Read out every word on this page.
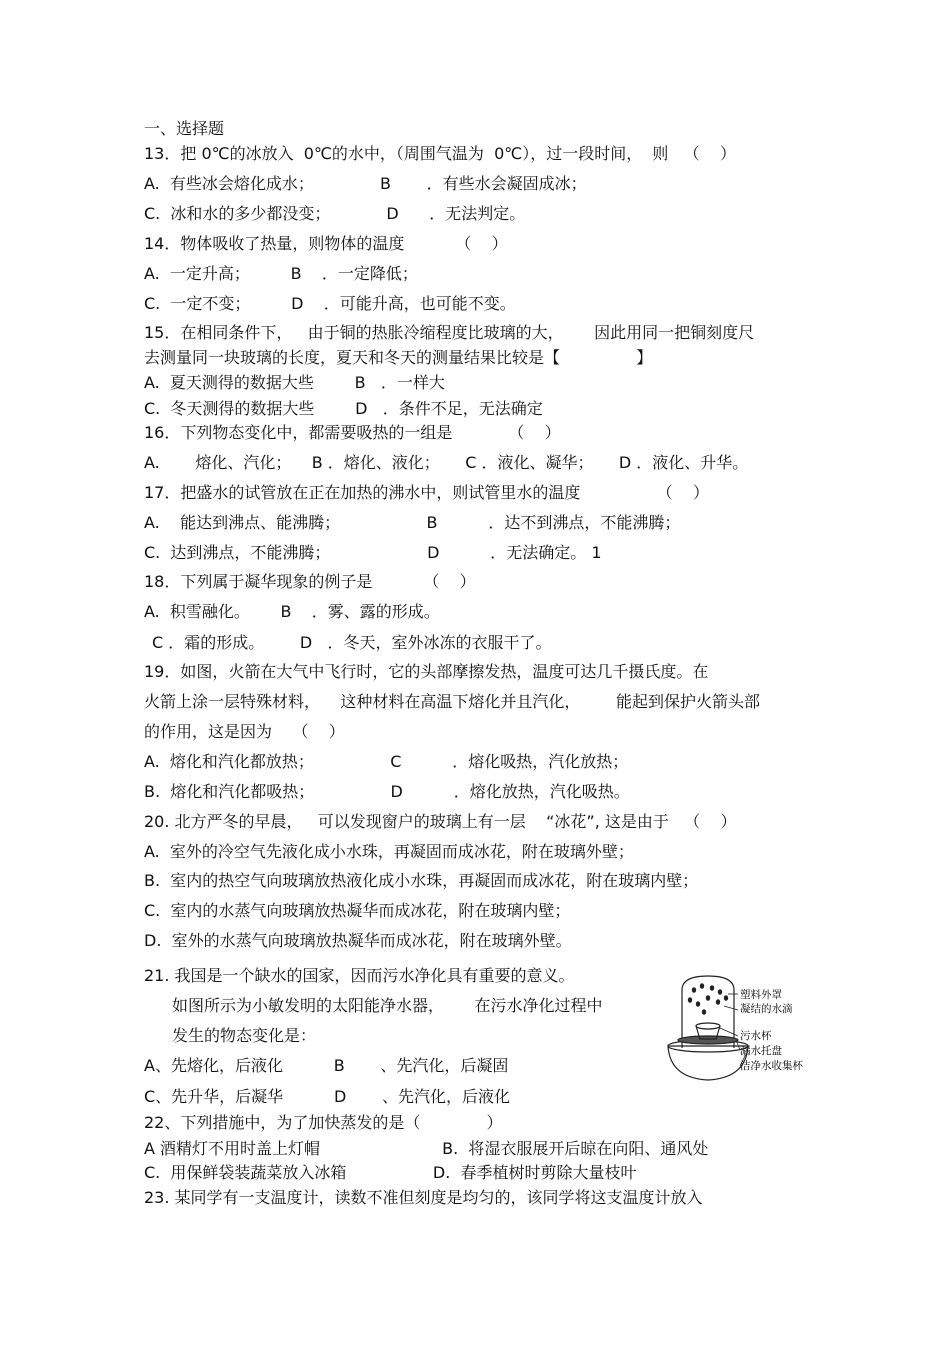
一、选择题
13．把 0℃的冰放入  0℃的水中，（周围气温为  0℃），过一段时间，  则   （    ）
A.  有些冰会熔化成水；             B       ．有些水会凝固成冰；
C.  冰和水的多少都没变；           D      ．无法判定。
14．物体吸收了热量，则物体的温度          （    ）
A.  一定升高；        B    ．一定降低；
C.  一定不变；        D    ．可能升高，也可能不变。
15．在相同条件下，   由于铜的热胀冷缩程度比玻璃的大，      因此用同一把铜刻度尺
去测量同一块玻璃的长度，夏天和冬天的测量结果比较是【               】
A.  夏天测得的数据大些        B   ．一样大
C.  冬天测得的数据大些        D   ．条件不足，无法确定
16．下列物态变化中，都需要吸热的一组是           （    ）
A.       熔化、汽化；    B ．熔化、液化；     C ．液化、凝华；     D ．液化、升华。
17．把盛水的试管放在正在加热的沸水中，则试管里水的温度               （    ）
A.    能达到沸点、能沸腾；                 B          ．达不到沸点，不能沸腾；
C.  达到沸点，不能沸腾；                   D          ．无法确定。 1
18．下列属于凝华现象的例子是          （    ）
A.  积雪融化。      B    ．雾、露的形成。
C ．霜的形成。       D   ．冬天，室外冰冻的衣服干了。
19．如图，火箭在大气中飞行时，它的头部摩擦发热，温度可达几千摄氏度。在
火箭上涂一层特殊材料，    这种材料在高温下熔化并且汽化，       能起到保护火箭头部
的作用，这是因为    （    ）
A.  熔化和汽化都放热；               C          ．熔化吸热，汽化放热；
B.  熔化和汽化都吸热；               D          ．熔化放热，汽化吸热。
20. 北方严冬的早晨，   可以发现窗户的玻璃上有一层    “冰花”, 这是由于   （    ）
A.  室外的冷空气先液化成小水珠，再凝固而成冰花，附在玻璃外壁；
B.  室内的热空气向玻璃放热液化成小水珠，再凝固而成冰花，附在玻璃内壁；
C.  室内的水蒸气向玻璃放热凝华而成冰花，附在玻璃内壁；
D.  室外的水蒸气向玻璃放热凝华而成冰花，附在玻璃外壁。
21. 我国是一个缺水的国家，因而污水净化具有重要的意义。
如图所示为小敏发明的太阳能净水器，      在污水净化过程中
发生的物态变化是：
A、先熔化，后液化          B       、先汽化，后凝固
C、先升华，后凝华          D       、先汽化，后液化
22、下列措施中，为了加快蒸发的是（             ）
A 酒精灯不用时盖上灯帽                        B.  将湿衣服展开后晾在向阳、通风处
C.  用保鲜袋装蔬菜放入冰箱                 D.  春季植树时剪除大量枝叶
23. 某同学有一支温度计，读数不准但刻度是均匀的，该同学将这支温度计放入
塑料外罩
凝结的水滴
污水杯
漏水托盘
洁净水收集杯
